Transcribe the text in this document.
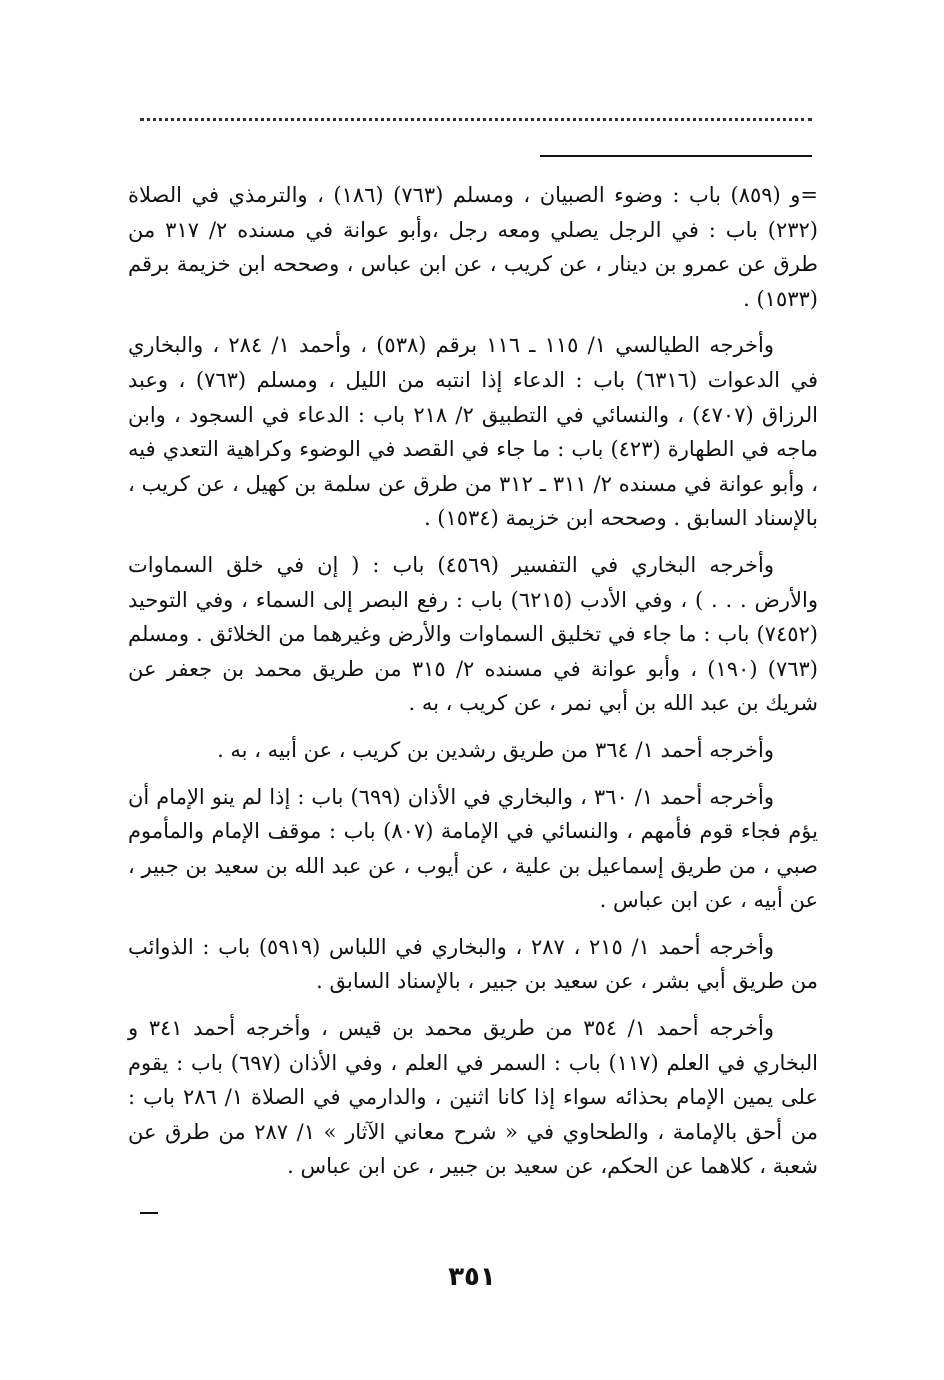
=و (٨٥٩) باب : وضوء الصبيان ، ومسلم (٧٦٣) (١٨٦) ، والترمذي في الصلاة (٢٣٢) باب : في الرجل يصلي ومعه رجل ،وأبو عوانة في مسنده ٢/ ٣١٧ من طرق عن عمرو بن دينار ، عن كريب ، عن ابن عباس ، وصححه ابن خزيمة برقم (١٥٣٣) .

وأخرجه الطيالسي ١/ ١١٥ ـ ١١٦ برقم (٥٣٨) ، وأحمد ١/ ٢٨٤ ، والبخاري في الدعوات (٦٣١٦) باب : الدعاء إذا انتبه من الليل ، ومسلم (٧٦٣) ، وعبد الرزاق (٤٧٠٧) ، والنسائي في التطبيق ٢/ ٢١٨ باب : الدعاء في السجود ، وابن ماجه في الطهارة (٤٢٣) باب : ما جاء في القصد في الوضوء وكراهية التعدي فيه ، وأبو عوانة في مسنده ٢/ ٣١١ ـ ٣١٢ من طرق عن سلمة بن كهيل ، عن كريب ، بالإسناد السابق . وصححه ابن خزيمة (١٥٣٤) .

وأخرجه البخاري في التفسير (٤٥٦٩) باب : ( إن في خلق السماوات والأرض . . . ) ، وفي الأدب (٦٢١٥) باب : رفع البصر إلى السماء ، وفي التوحيد (٧٤٥٢) باب : ما جاء في تخليق السماوات والأرض وغيرهما من الخلائق . ومسلم (٧٦٣) (١٩٠) ، وأبو عوانة في مسنده ٢/ ٣١٥ من طريق محمد بن جعفر عن شريك بن عبد الله بن أبي نمر ، عن كريب ، به .

وأخرجه أحمد ١/ ٣٦٤ من طريق رشدين بن كريب ، عن أبيه ، به .

وأخرجه أحمد ١/ ٣٦٠ ، والبخاري في الأذان (٦٩٩) باب : إذا لم ينو الإمام أن يؤم فجاء قوم فأمهم ، والنسائي في الإمامة (٨٠٧) باب : موقف الإمام والمأموم صبي ، من طريق إسماعيل بن علية ، عن أيوب ، عن عبد الله بن سعيد بن جبير ، عن أبيه ، عن ابن عباس .

وأخرجه أحمد ١/ ٢١٥ ، ٢٨٧ ، والبخاري في اللباس (٥٩١٩) باب : الذوائب من طريق أبي بشر ، عن سعيد بن جبير ، بالإسناد السابق .

وأخرجه أحمد ١/ ٣٥٤ من طريق محمد بن قيس ، وأخرجه أحمد ٣٤١ و البخاري في العلم (١١٧) باب : السمر في العلم ، وفي الأذان (٦٩٧) باب : يقوم على يمين الإمام بحذائه سواء إذا كانا اثنين ، والدارمي في الصلاة ١/ ٢٨٦ باب : من أحق بالإمامة ، والطحاوي في « شرح معاني الآثار » ١/ ٢٨٧ من طرق عن شعبة ، كلاهما عن الحكم، عن سعيد بن جبير ، عن ابن عباس .

٣٥١
